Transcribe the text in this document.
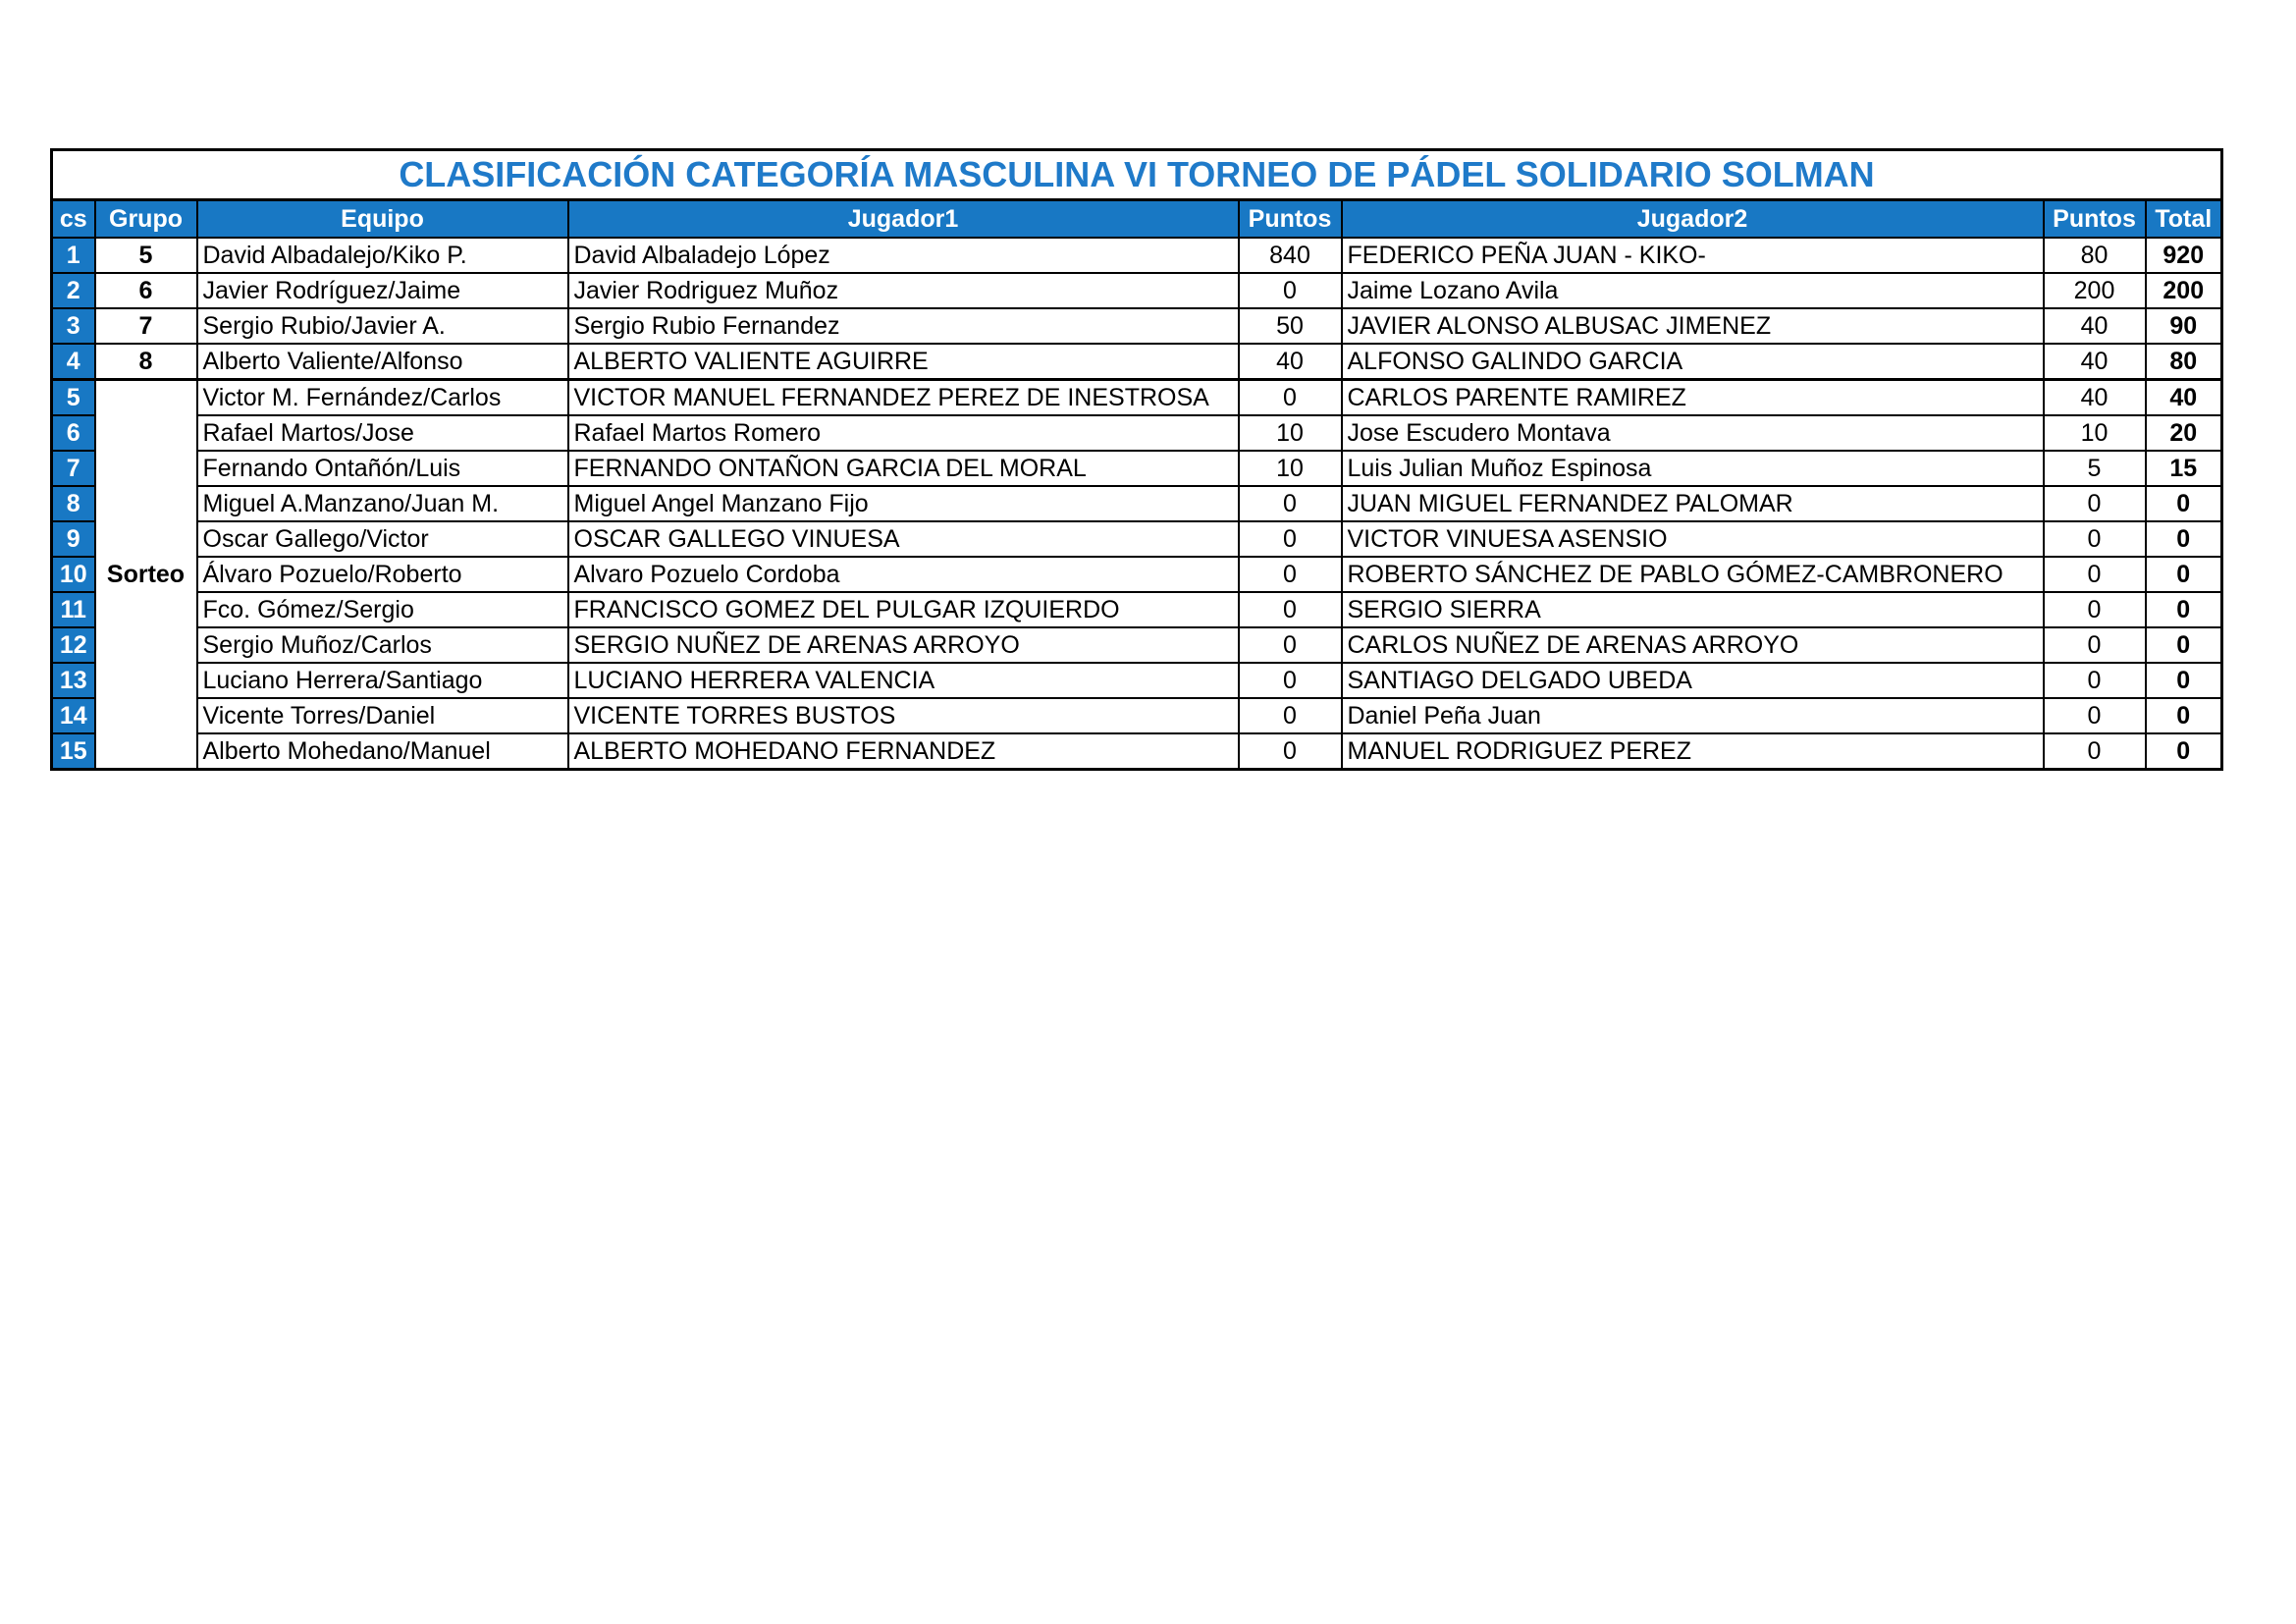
CLASIFICACIÓN CATEGORÍA MASCULINA VI TORNEO DE PÁDEL SOLIDARIO SOLMAN							
cs	Grupo	Equipo	Jugador1	Puntos	Jugador2	Puntos	Total
1	5	David Albadalejo/Kiko P.	David Albaladejo López	840	FEDERICO PEÑA JUAN - KIKO-	80	920
2	6	Javier Rodríguez/Jaime	Javier Rodriguez Muñoz	0	Jaime Lozano Avila	200	200
3	7	Sergio Rubio/Javier A.	Sergio Rubio Fernandez	50	JAVIER ALONSO ALBUSAC JIMENEZ	40	90
4	8	Alberto Valiente/Alfonso	ALBERTO VALIENTE AGUIRRE	40	ALFONSO GALINDO GARCIA	40	80
5	Sorteo	Victor M. Fernández/Carlos	VICTOR MANUEL FERNANDEZ PEREZ DE INESTROSA	0	CARLOS PARENTE RAMIREZ	40	40
6		Rafael Martos/Jose	Rafael Martos Romero	10	Jose Escudero Montava	10	20
7		Fernando Ontañón/Luis	FERNANDO ONTAÑON GARCIA DEL MORAL	10	Luis Julian Muñoz Espinosa	5	15
8		Miguel A.Manzano/Juan M.	Miguel Angel Manzano Fijo	0	JUAN MIGUEL FERNANDEZ PALOMAR	0	0
9		Oscar Gallego/Victor	OSCAR GALLEGO VINUESA	0	VICTOR VINUESA ASENSIO	0	0
10		Álvaro Pozuelo/Roberto	Alvaro Pozuelo Cordoba	0	ROBERTO SÁNCHEZ DE PABLO GÓMEZ-CAMBRONERO	0	0
11		Fco. Gómez/Sergio	FRANCISCO GOMEZ DEL PULGAR IZQUIERDO	0	SERGIO SIERRA	0	0
12		Sergio Muñoz/Carlos	SERGIO NUÑEZ DE ARENAS ARROYO	0	CARLOS NUÑEZ DE ARENAS ARROYO	0	0
13		Luciano Herrera/Santiago	LUCIANO HERRERA VALENCIA	0	SANTIAGO DELGADO UBEDA	0	0
14		Vicente Torres/Daniel	VICENTE TORRES BUSTOS	0	Daniel Peña Juan	0	0
15		Alberto Mohedano/Manuel	ALBERTO MOHEDANO FERNANDEZ	0	MANUEL RODRIGUEZ PEREZ	0	0
